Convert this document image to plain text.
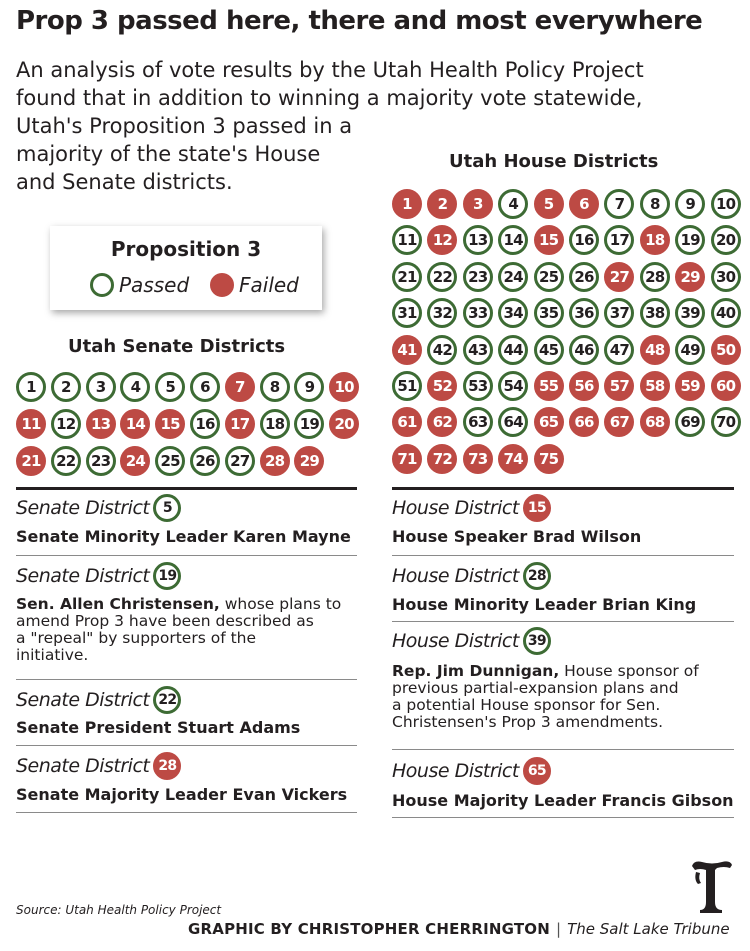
Prop 3 passed here, there and most everywhere
An analysis of vote results by the Utah Health Policy Project
found that in addition to winning a majority vote statewide,
Utah's Proposition 3 passed in a
majority of the state's House
and Senate districts.
Proposition 3
Passed Failed
Utah Senate Districts
Utah House Districts
1	2	3	4	5	6	7	8	9	10
11	12	13	14	15	16	17	18	19	20
21	22	23	24	25	26	27	28	29
1	2	3	4	5	6	7	8	9	10
11	12	13	14	15	16	17	18	19	20
21	22	23	24	25	26	27	28	29	30
31	32	33	34	35	36	37	38	39	40
41	42	43	44	45	46	47	48	49	50
51	52	53	54	55	56	57	58	59	60
61	62	63	64	65	66	67	68	69	70
71	72	73	74	75
Senate District 5
Senate Minority Leader Karen Mayne
Senate District 19
Sen. Allen Christensen, whose plans to
amend Prop 3 have been described as
a "repeal" by supporters of the
initiative.
Senate District 22
Senate President Stuart Adams
Senate District 28
Senate Majority Leader Evan Vickers
House District 15
House Speaker Brad Wilson
House District 28
House Minority Leader Brian King
House District 39
Rep. Jim Dunnigan, House sponsor of
previous partial-expansion plans and
a potential House sponsor for Sen.
Christensen's Prop 3 amendments.
House District 65
House Majority Leader Francis Gibson
Source: Utah Health Policy Project
GRAPHIC BY CHRISTOPHER CHERRINGTON | The Salt Lake Tribune
